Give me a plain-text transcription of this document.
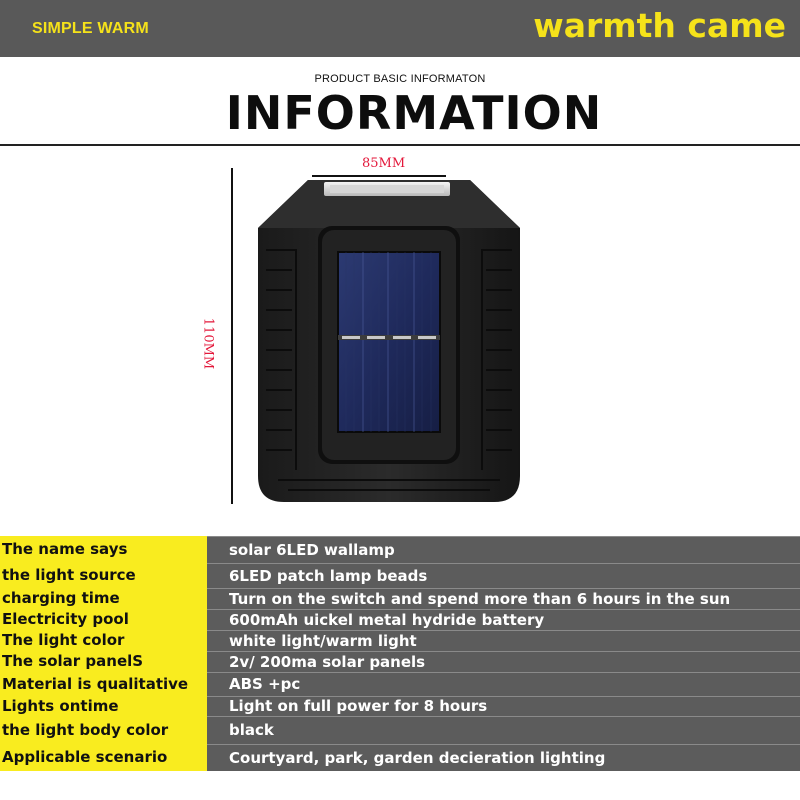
SIMPLE WARM	warmth came
PRODUCT BASIC INFORMATON
INFORMATION
85MM
110MM
The name says	solar 6LED wallamp
the light source	6LED patch lamp beads
charging time	Turn on the switch and spend more than 6 hours in the sun
Electricity pool	600mAh uickel metal hydride battery
The light color	white light/warm light
The solar panelS	2v/ 200ma solar panels
Material is qualitative	ABS +pc
Lights ontime	Light on full power for 8 hours
the light body color	black
Applicable scenario	Courtyard, park, garden decieration lighting
